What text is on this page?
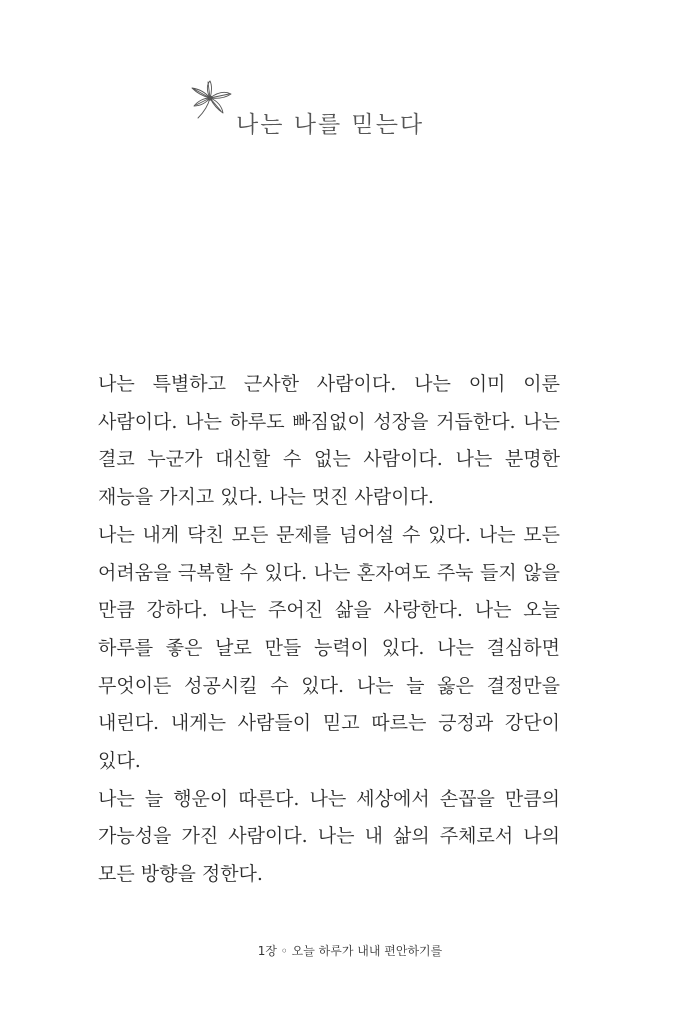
나는 나를 믿는다

나는 특별하고 근사한 사람이다. 나는 이미 이룬 사람이다. 나는 하루도 빠짐없이 성장을 거듭한다. 나는 결코 누군가 대신할 수 없는 사람이다. 나는 분명한 재능을 가지고 있다. 나는 멋진 사람이다.

나는 내게 닥친 모든 문제를 넘어설 수 있다. 나는 모든 어려움을 극복할 수 있다. 나는 혼자여도 주눅 들지 않을 만큼 강하다. 나는 주어진 삶을 사랑한다. 나는 오늘 하루를 좋은 날로 만들 능력이 있다. 나는 결심하면 무엇이든 성공시킬 수 있다. 나는 늘 옳은 결정만을 내린다. 내게는 사람들이 믿고 따르는 긍정과 강단이 있다.

나는 늘 행운이 따른다. 나는 세상에서 손꼽을 만큼의 가능성을 가진 사람이다. 나는 내 삶의 주체로서 나의 모든 방향을 정한다.

1장 ◦ 오늘 하루가 내내 편안하기를
